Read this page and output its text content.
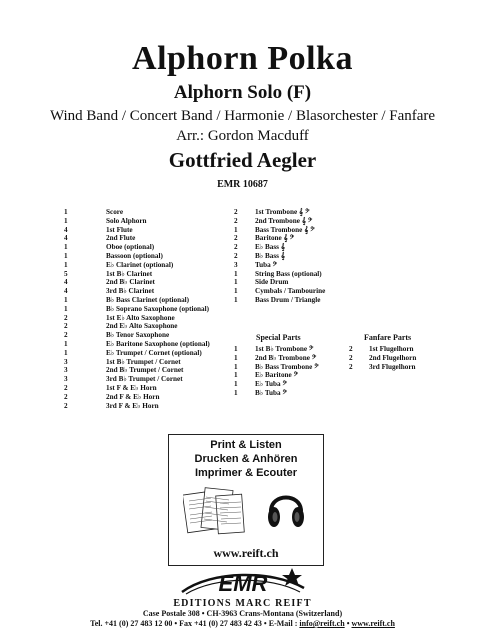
Alphorn Polka
Alphorn Solo (F)
Wind Band / Concert Band / Harmonie / Blasorchester / Fanfare
Arr.: Gordon Macduff
Gottfried Aegler
EMR 10687
1	Score
1	Solo Alphorn
4	1st Flute
4	2nd Flute
1	Oboe (optional)
1	Bassoon (optional)
1	E♭ Clarinet (optional)
5	1st B♭ Clarinet
4	2nd B♭ Clarinet
4	3rd B♭ Clarinet
1	B♭ Bass Clarinet (optional)
1	B♭ Soprano Saxophone (optional)
2	1st E♭ Alto Saxophone
2	2nd E♭ Alto Saxophone
2	B♭ Tenor Saxophone
1	E♭ Baritone Saxophone (optional)
1	E♭ Trumpet / Cornet (optional)
3	1st B♭ Trumpet / Cornet
3	2nd B♭ Trumpet / Cornet
3	3rd B♭ Trumpet / Cornet
2	1st F & E♭ Horn
2	2nd F & E♭ Horn
2	3rd F & E♭ Horn
2	1st Trombone 𝄞 𝄢
2	2nd Trombone 𝄞 𝄢
1	Bass Trombone 𝄞 𝄢
2	Baritone 𝄞 𝄢
2	E♭ Bass 𝄞
2	B♭ Bass 𝄞
3	Tuba 𝄢
1	String Bass (optional)
1	Side Drum
1	Cymbals / Tambourine
1	Bass Drum / Triangle
Special Parts	Fanfare Parts
1	1st B♭ Trombone 𝄢
1	2nd B♭ Trombone 𝄢
1	B♭ Bass Trombone 𝄢
1	E♭ Baritone 𝄢
1	E♭ Tuba 𝄢
1	B♭ Tuba 𝄢
2	1st Flugelhorn
2	2nd Flugelhorn
2	3rd Flugelhorn
Print & Listen
Drucken & Anhören
Imprimer & Ecouter
www.reift.ch
EMR
EDITIONS MARC REIFT
Case Postale 308 • CH-3963 Crans-Montana (Switzerland)
Tel. +41 (0) 27 483 12 00 • Fax +41 (0) 27 483 42 43 • E-Mail : info@reift.ch • www.reift.ch
